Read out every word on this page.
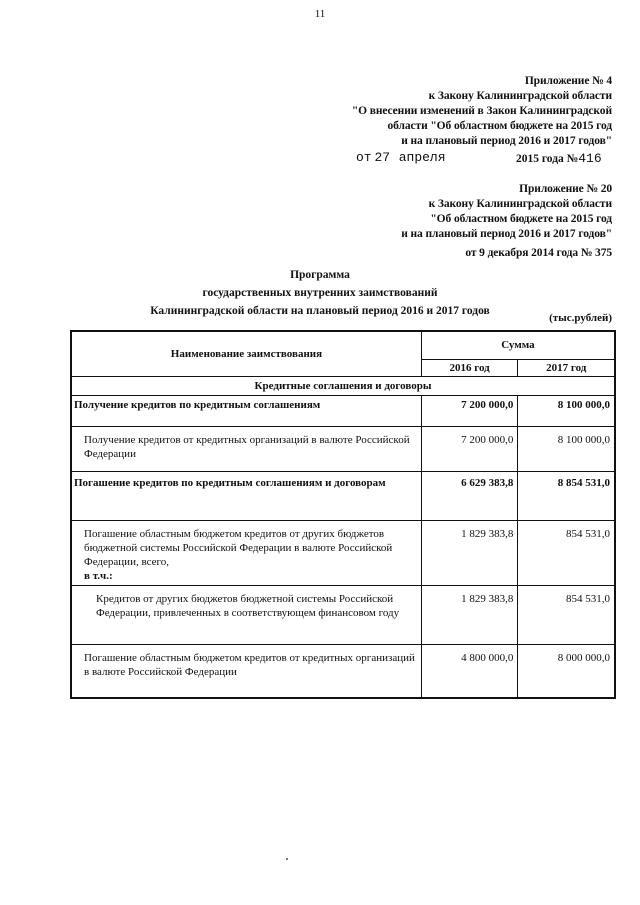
11
Приложение № 4
к Закону Калининградской области
"О внесении изменений в Закон Калининградской
области "Об областном бюджете на 2015 год
и на плановый период 2016 и 2017 годов"
от 27 апреля	2015 года №416
Приложение № 20
к Закону Калининградской области
"Об областном бюджете на 2015 год
и на плановый период 2016 и 2017 годов"
от 9 декабря 2014 года № 375
Программа
государственных внутренних заимствований
Калининградской области на плановый период 2016 и 2017 годов
(тыс.рублей)
Наименование заимствования	Сумма	
	2016 год	2017 год
Кредитные соглашения и договоры		
Получение кредитов по кредитным соглашениям	7 200 000,0	8 100 000,0
Получение кредитов от кредитных организаций в валюте Российской Федерации	7 200 000,0	8 100 000,0
Погашение кредитов по кредитным соглашениям и договорам	6 629 383,8	8 854 531,0

Погашение областным бюджетом кредитов от других бюджетов бюджетной системы Российской Федерации в валюте Российской Федерации, всего,
в т.ч.:	1 829 383,8	854 531,0
Кредитов от других бюджетов бюджетной системы Российской Федерации, привлеченных в соответствующем финансовом году	1 829 383,8	854 531,0
Погашение областным бюджетом кредитов от кредитных организаций в валюте Российской Федерации	4 800 000,0	8 000 000,0
